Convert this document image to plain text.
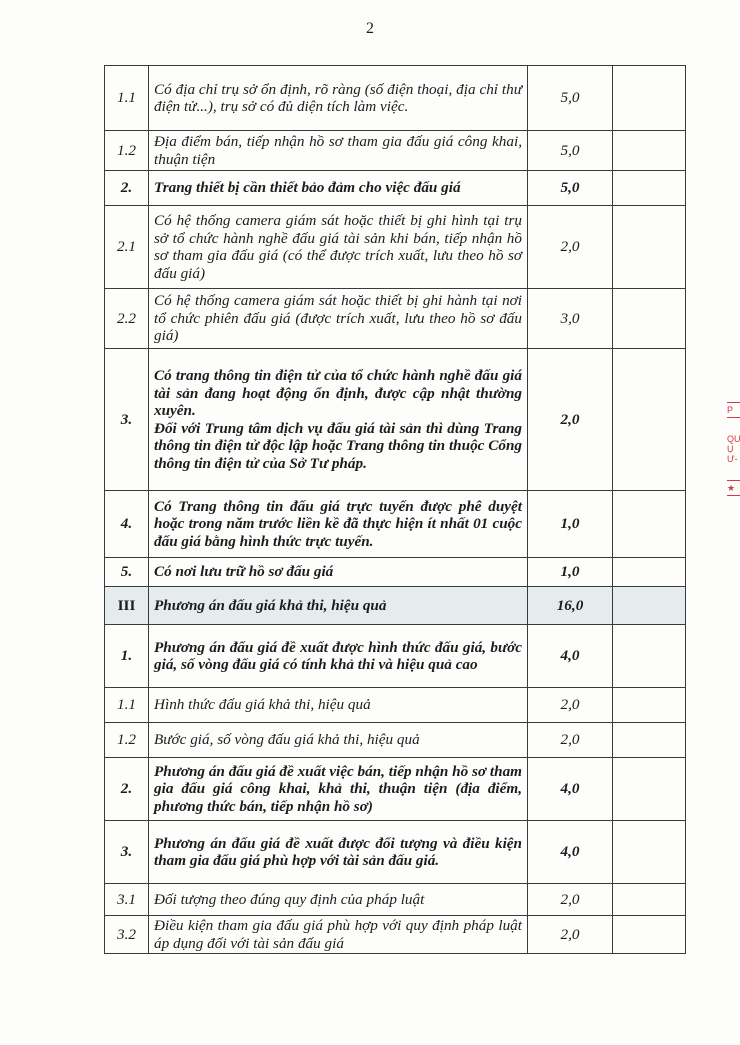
2
1.1	Có địa chỉ trụ sở ổn định, rõ ràng (số điện thoại, địa chỉ thư điện tử...), trụ sở có đủ diện tích làm việc.	5,0	
1.2	Địa điểm bán, tiếp nhận hồ sơ tham gia đấu giá công khai, thuận tiện	5,0	
2.	Trang thiết bị cần thiết bảo đảm cho việc đấu giá	5,0	
2.1	Có hệ thống camera giám sát hoặc thiết bị ghi hình tại trụ sở tổ chức hành nghề đấu giá tài sản khi bán, tiếp nhận hồ sơ tham gia đấu giá (có thể được trích xuất, lưu theo hồ sơ đấu giá)	2,0	
2.2	Có hệ thống camera giám sát hoặc thiết bị ghi hành tại nơi tổ chức phiên đấu giá (được trích xuất, lưu theo hồ sơ đấu giá)	3,0	
3.	Có trang thông tin điện tử của tổ chức hành nghề đấu giá tài sản đang hoạt động ổn định, được cập nhật thường xuyên.
Đối với Trung tâm dịch vụ đấu giá tài sản thì dùng Trang thông tin điện tử độc lập hoặc Trang thông tin thuộc Cổng thông tin điện tử của Sở Tư pháp.	2,0	
4.	Có Trang thông tin đấu giá trực tuyến được phê duyệt hoặc trong năm trước liền kề đã thực hiện ít nhất 01 cuộc đấu giá bằng hình thức trực tuyến.	1,0	
5.	Có nơi lưu trữ hồ sơ đấu giá	1,0	
III	Phương án đấu giá khả thi, hiệu quả	16,0	
1.	Phương án đấu giá đề xuất được hình thức đấu giá, bước giá, số vòng đấu giá có tính khả thi và hiệu quả cao	4,0	
1.1	Hình thức đấu giá khả thi, hiệu quả	2,0	
1.2	Bước giá, số vòng đấu giá khả thi, hiệu quả	2,0	
2.	Phương án đấu giá đề xuất việc bán, tiếp nhận hồ sơ tham gia đấu giá công khai, khả thi, thuận tiện (địa điểm, phương thức bán, tiếp nhận hồ sơ)	4,0	
3.	Phương án đấu giá đề xuất được đối tượng và điều kiện tham gia đấu giá phù hợp với tài sản đấu giá.	4,0	
3.1	Đối tượng theo đúng quy định của pháp luật	2,0	
3.2	Điều kiện tham gia đấu giá phù hợp với quy định pháp luật áp dụng đối với tài sản đấu giá	2,0	
P
QU
Ụ
Ư-
★
